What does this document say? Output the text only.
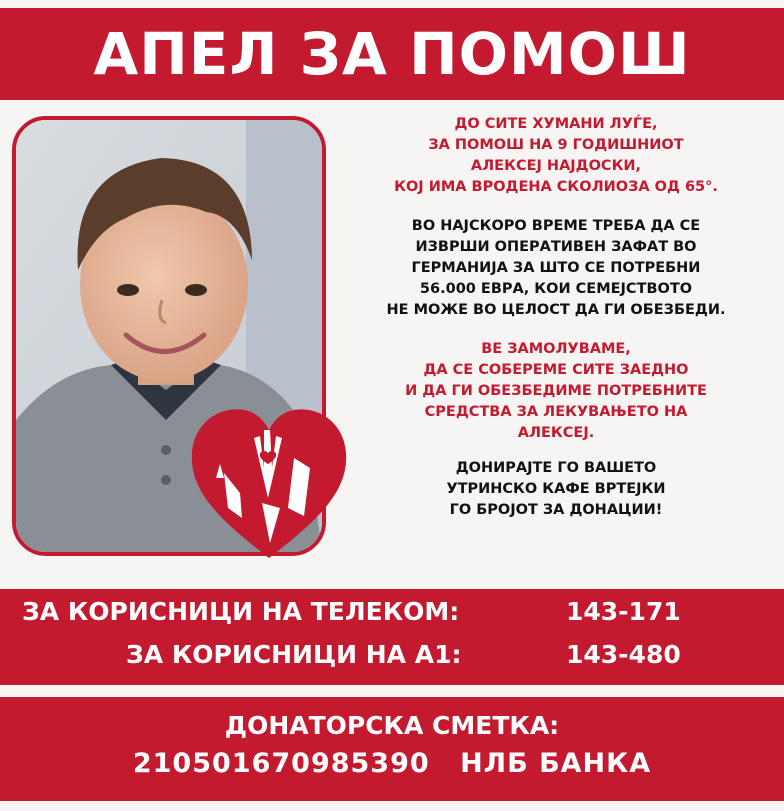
АПЕЛ ЗА ПОМОШ

ДО СИТЕ ХУМАНИ ЛУЃЕ,

ЗА ПОМОШ НА 9 ГОДИШНИОТ

АЛЕКСЕЈ НАЈДОСКИ,

КОЈ ИМА ВРОДЕНА СКОЛИОЗА ОД 65°.

ВО НАЈСКОРО ВРЕМЕ ТРЕБА ДА СЕ

ИЗВРШИ ОПЕРАТИВЕН ЗАФАТ ВО

ГЕРМАНИЈА ЗА ШТО СЕ ПОТРЕБНИ

56.000 ЕВРА, КОИ СЕМЕЈСТВОТО

НЕ МОЖЕ ВО ЦЕЛОСТ ДА ГИ ОБЕЗБЕДИ.

ВЕ ЗАМОЛУВАМЕ,

ДА СЕ СОБЕРЕМЕ СИТЕ ЗАЕДНО

И ДА ГИ ОБЕЗБЕДИМЕ ПОТРЕБНИТЕ

СРЕДСТВА ЗА ЛЕКУВАЊЕТО НА

АЛЕКСЕЈ.

ДОНИРАЈТЕ ГО ВАШЕТО

УТРИНСКО КАФЕ ВРТЕЈКИ

ГО БРОЈОТ ЗА ДОНАЦИИ!

ЗА КОРИСНИЦИ НА ТЕЛЕКОМ:	143-171
ЗА КОРИСНИЦИ НА А1:	143-480
ДОНАТОРСКА СМЕТКА:
210501670985390 НЛБ БАНКА
